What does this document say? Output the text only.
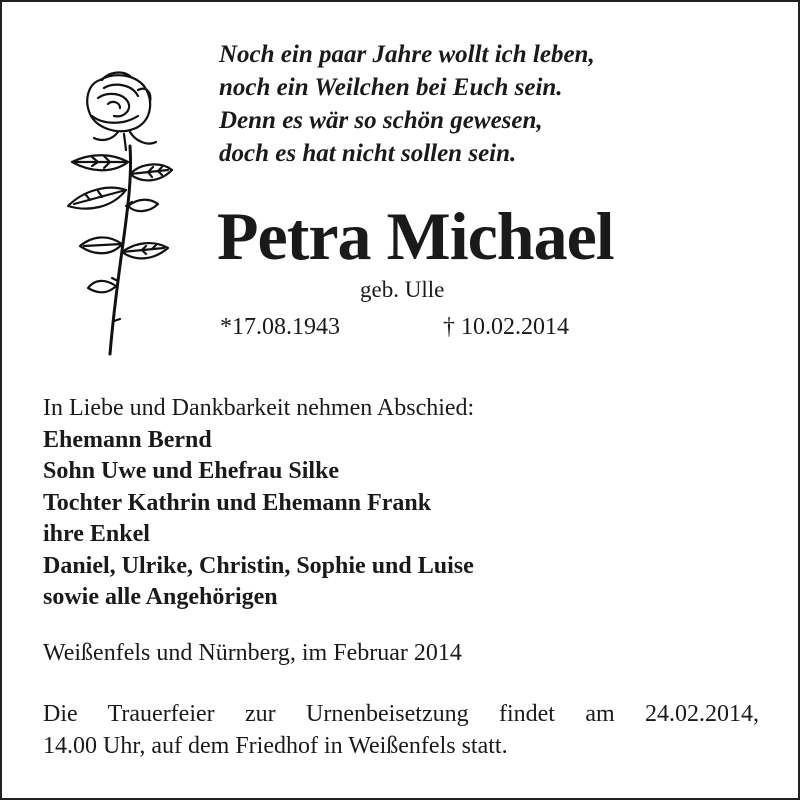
Noch ein paar Jahre wollt ich leben,
noch ein Weilchen bei Euch sein.
Denn es wär so schön gewesen,
doch es hat nicht sollen sein.
Petra Michael
geb. Ulle
*17.08.1943	† 10.02.2014
In Liebe und Dankbarkeit nehmen Abschied:
Ehemann Bernd
Sohn Uwe und Ehefrau Silke
Tochter Kathrin und Ehemann Frank
ihre Enkel
Daniel, Ulrike, Christin, Sophie und Luise
sowie alle Angehörigen
Weißenfels und Nürnberg, im Februar 2014
Die Trauerfeier zur Urnenbeisetzung findet am 24.02.2014,
14.00 Uhr, auf dem Friedhof in Weißenfels statt.
